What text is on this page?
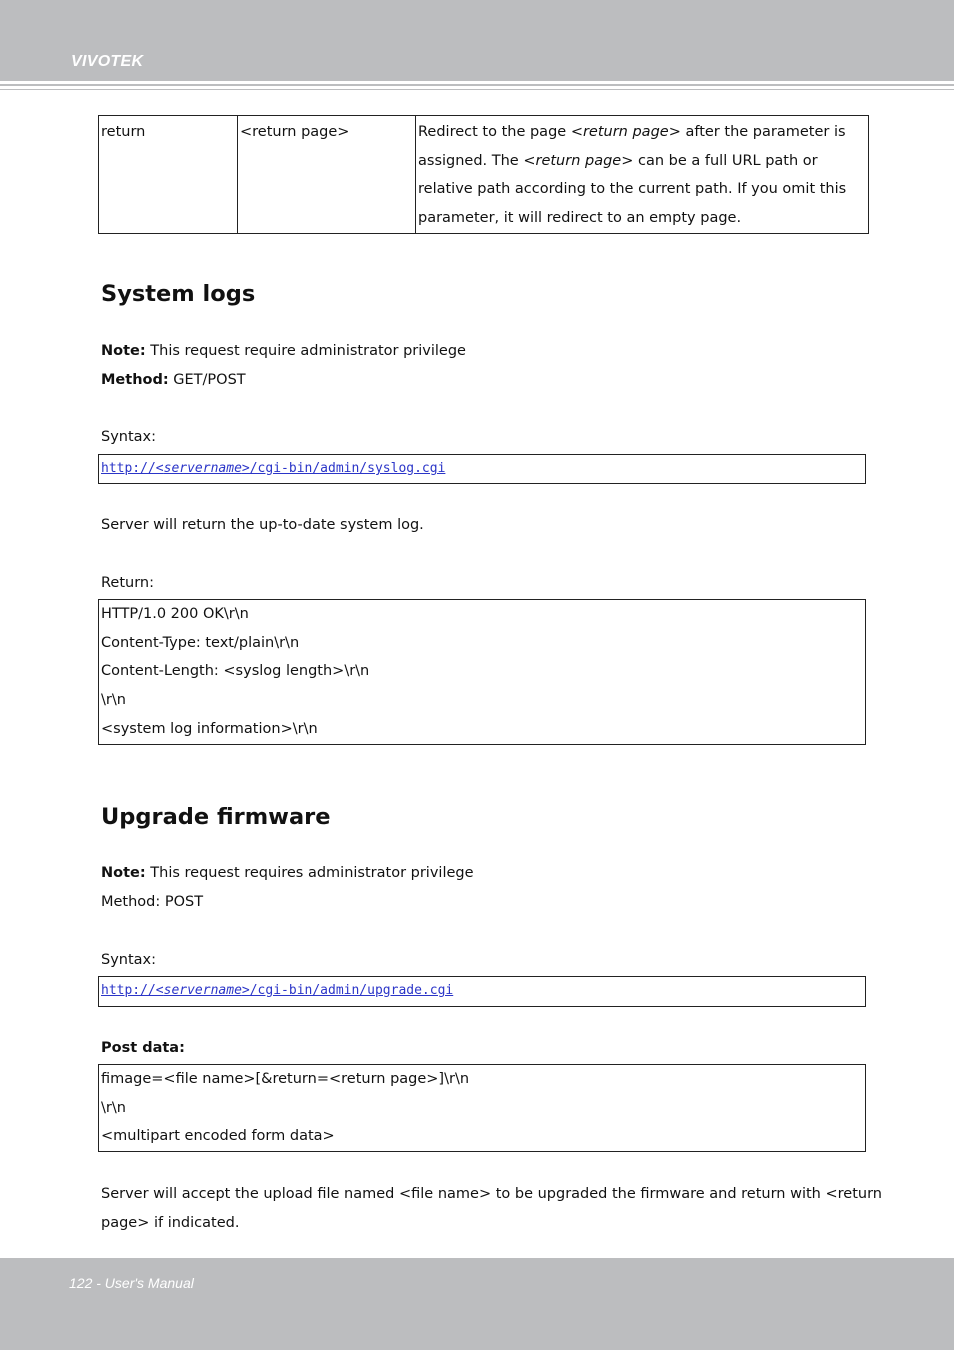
VIVOTEK
return	<return page>	Redirect to the page <return page> after the parameter is assigned. The <return page> can be a full URL path or relative path according to the current path. If you omit this parameter, it will redirect to an empty page.
System logs
Note: This request require administrator privilege
Method: GET/POST
Syntax:
http://<servername>/cgi-bin/admin/syslog.cgi
Server will return the up-to-date system log.
Return:
HTTP/1.0 200 OK\r\n
Content-Type: text/plain\r\n
Content-Length: <syslog length>\r\n
\r\n
<system log information>\r\n
Upgrade firmware
Note: This request requires administrator privilege
Method: POST
Syntax:
http://<servername>/cgi-bin/admin/upgrade.cgi
Post data:
fimage=<file name>[&return=<return page>]\r\n
\r\n
<multipart encoded form data>
Server will accept the upload file named <file name> to be upgraded the firmware and return with <return
page> if indicated.
122 - User's Manual
